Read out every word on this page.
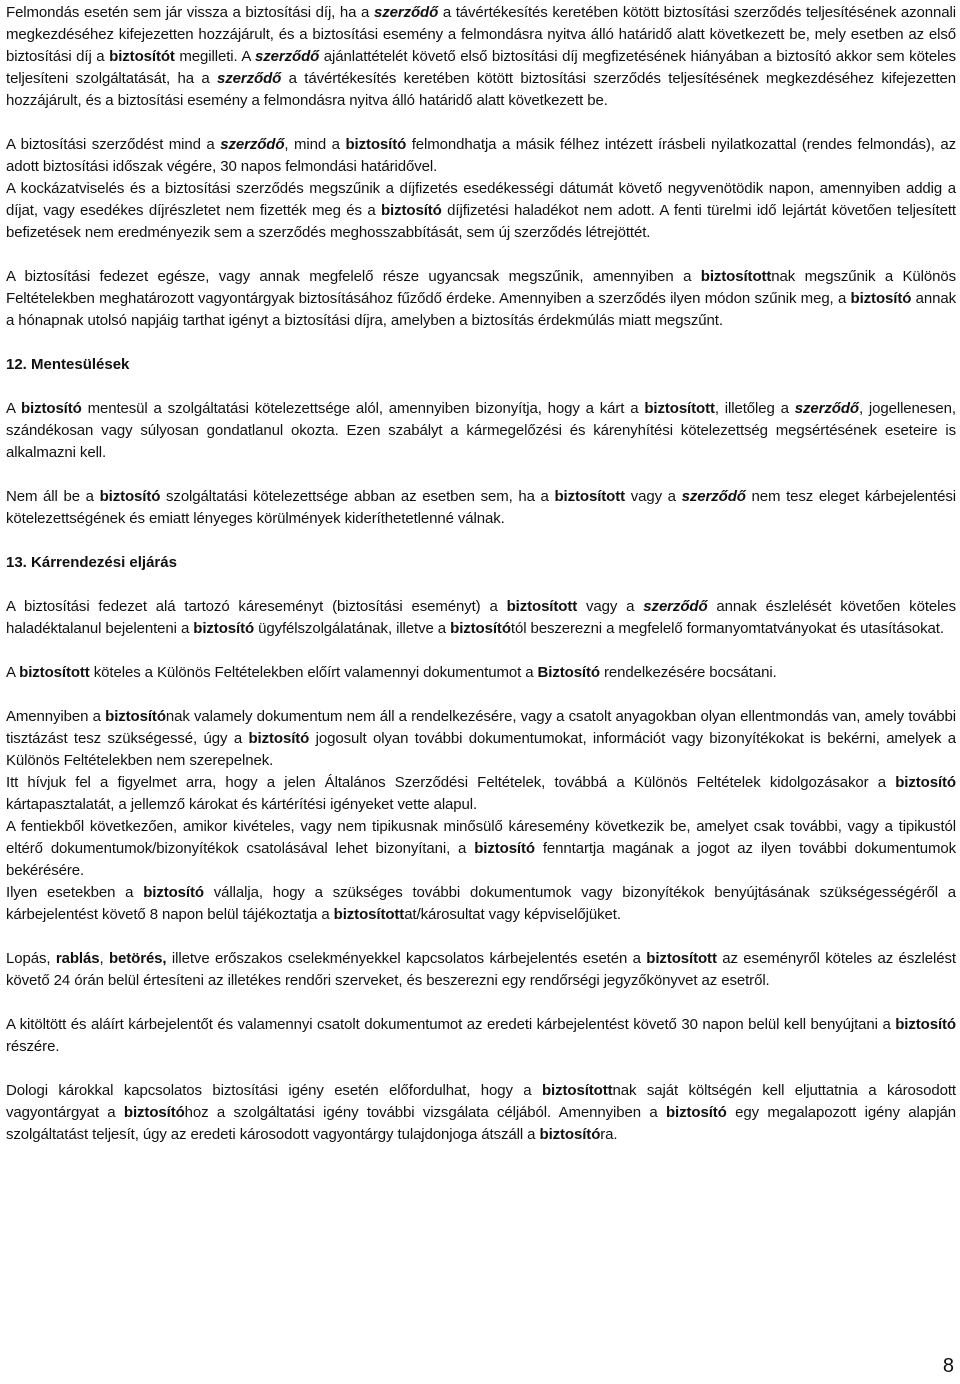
Felmondás esetén sem jár vissza a biztosítási díj, ha a szerződő a távértékesítés keretében kötött biztosítási szerződés teljesítésének azonnali megkezdéséhez kifejezetten hozzájárult, és a biztosítási esemény a felmondásra nyitva álló határidő alatt következett be, mely esetben az első biztosítási díj a biztosítót megilleti. A szerződő ajánlattételét követő első biztosítási díj megfizetésének hiányában a biztosító akkor sem köteles teljesíteni szolgáltatását, ha a szerződő a távértékesítés keretében kötött biztosítási szerződés teljesítésének megkezdéséhez kifejezetten hozzájárult, és a biztosítási esemény a felmondásra nyitva álló határidő alatt következett be.

A biztosítási szerződést mind a szerződő, mind a biztosító felmondhatja a másik félhez intézett írásbeli nyilatkozattal (rendes felmondás), az adott biztosítási időszak végére, 30 napos felmondási határidővel.

A kockázatviselés és a biztosítási szerződés megszűnik a díjfizetés esedékességi dátumát követő negyvenötödik napon, amennyiben addig a díjat, vagy esedékes díjrészletet nem fizették meg és a biztosító díjfizetési haladékot nem adott. A fenti türelmi idő lejártát követően teljesített befizetések nem eredményezik sem a szerződés meghosszabbítását, sem új szerződés létrejöttét.

A biztosítási fedezet egésze, vagy annak megfelelő része ugyancsak megszűnik, amennyiben a biztosítottnak megszűnik a Különös Feltételekben meghatározott vagyontárgyak biztosításához fűződő érdeke. Amennyiben a szerződés ilyen módon szűnik meg, a biztosító annak a hónapnak utolsó napjáig tarthat igényt a biztosítási díjra, amelyben a biztosítás érdekmúlás miatt megszűnt.

12. Mentesülések

A biztosító mentesül a szolgáltatási kötelezettsége alól, amennyiben bizonyítja, hogy a kárt a biztosított, illetőleg a szerződő, jogellenesen, szándékosan vagy súlyosan gondatlanul okozta. Ezen szabályt a kármegelőzési és kárenyhítési kötelezettség megsértésének eseteire is alkalmazni kell.

Nem áll be a biztosító szolgáltatási kötelezettsége abban az esetben sem, ha a biztosított vagy a szerződő nem tesz eleget kárbejelentési kötelezettségének és emiatt lényeges körülmények kideríthetetlenné válnak.

13. Kárrendezési eljárás

A biztosítási fedezet alá tartozó káreseményt (biztosítási eseményt) a biztosított vagy a szerződő annak észlelését követően köteles haladéktalanul bejelenteni a biztosító ügyfélszolgálatának, illetve a biztosítótól beszerezni a megfelelő formanyomtatványokat és utasításokat.

A biztosított köteles a Különös Feltételekben előírt valamennyi dokumentumot a Biztosító rendelkezésére bocsátani.

Amennyiben a biztosítónak valamely dokumentum nem áll a rendelkezésére, vagy a csatolt anyagokban olyan ellentmondás van, amely további tisztázást tesz szükségessé, úgy a biztosító jogosult olyan további dokumentumokat, információt vagy bizonyítékokat is bekérni, amelyek a Különös Feltételekben nem szerepelnek.

Itt hívjuk fel a figyelmet arra, hogy a jelen Általános Szerződési Feltételek, továbbá a Különös Feltételek kidolgozásakor a biztosító kártapasztalatát, a jellemző károkat és kártérítési igényeket vette alapul.

A fentiekből következően, amikor kivételes, vagy nem tipikusnak minősülő káresemény következik be, amelyet csak további, vagy a tipikustól eltérő dokumentumok/bizonyítékok csatolásával lehet bizonyítani, a biztosító fenntartja magának a jogot az ilyen további dokumentumok bekérésére.

Ilyen esetekben a biztosító vállalja, hogy a szükséges további dokumentumok vagy bizonyítékok benyújtásának szükségességéről a kárbejelentést követő 8 napon belül tájékoztatja a biztosítottat/károsultat vagy képviselőjüket.

Lopás, rablás, betörés, illetve erőszakos cselekményekkel kapcsolatos kárbejelentés esetén a biztosított az eseményről köteles az észlelést követő 24 órán belül értesíteni az illetékes rendőri szerveket, és beszerezni egy rendőrségi jegyzőkönyvet az esetről.

A kitöltött és aláírt kárbejelentőt és valamennyi csatolt dokumentumot az eredeti kárbejelentést követő 30 napon belül kell benyújtani a biztosító részére.

Dologi károkkal kapcsolatos biztosítási igény esetén előfordulhat, hogy a biztosítottnak saját költségén kell eljuttatnia a károsodott vagyontárgyat a biztosítóhoz a szolgáltatási igény további vizsgálata céljából. Amennyiben a biztosító egy megalapozott igény alapján szolgáltatást teljesít, úgy az eredeti károsodott vagyontárgy tulajdonjoga átszáll a biztosítóra.

8
